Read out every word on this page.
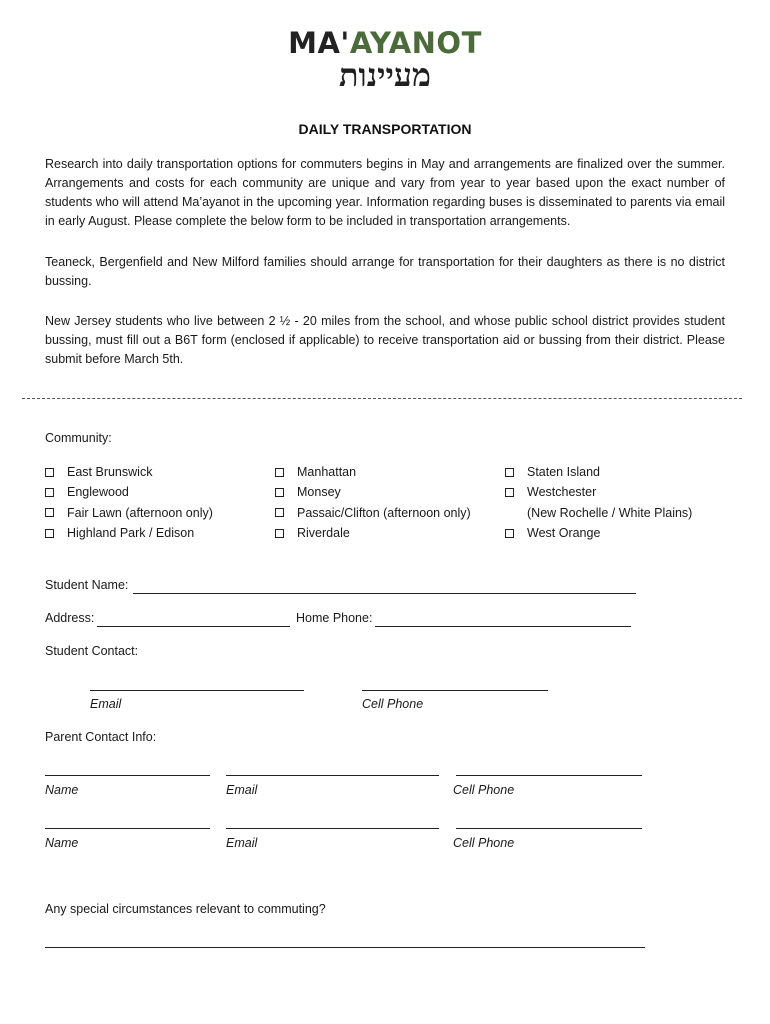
MA'AYANOT
מעיינות
DAILY TRANSPORTATION
Research into daily transportation options for commuters begins in May and arrangements are finalized over the summer. Arrangements and costs for each community are unique and vary from year to year based upon the exact number of students who will attend Ma’ayanot in the upcoming year. Information regarding buses is disseminated to parents via email in early August. Please complete the below form to be included in transportation arrangements.
Teaneck, Bergenfield and New Milford families should arrange for transportation for their daughters as there is no district bussing.
New Jersey students who live between 2 ½ - 20 miles from the school, and whose public school district provides student bussing, must fill out a B6T form (enclosed if applicable) to receive transportation aid or bussing from their district. Please submit before March 5th.
Community:
East Brunswick
Englewood
Fair Lawn (afternoon only)
Highland Park / Edison
Manhattan
Monsey
Passaic/Clifton (afternoon only)
Riverdale
Staten Island
Westchester
(New Rochelle / White Plains)
West Orange
Student Name:
Address:	Home Phone:
Student Contact:
Email	Cell Phone
Parent Contact Info:
Name	Email	Cell Phone
Name	Email	Cell Phone
Any special circumstances relevant to commuting?
